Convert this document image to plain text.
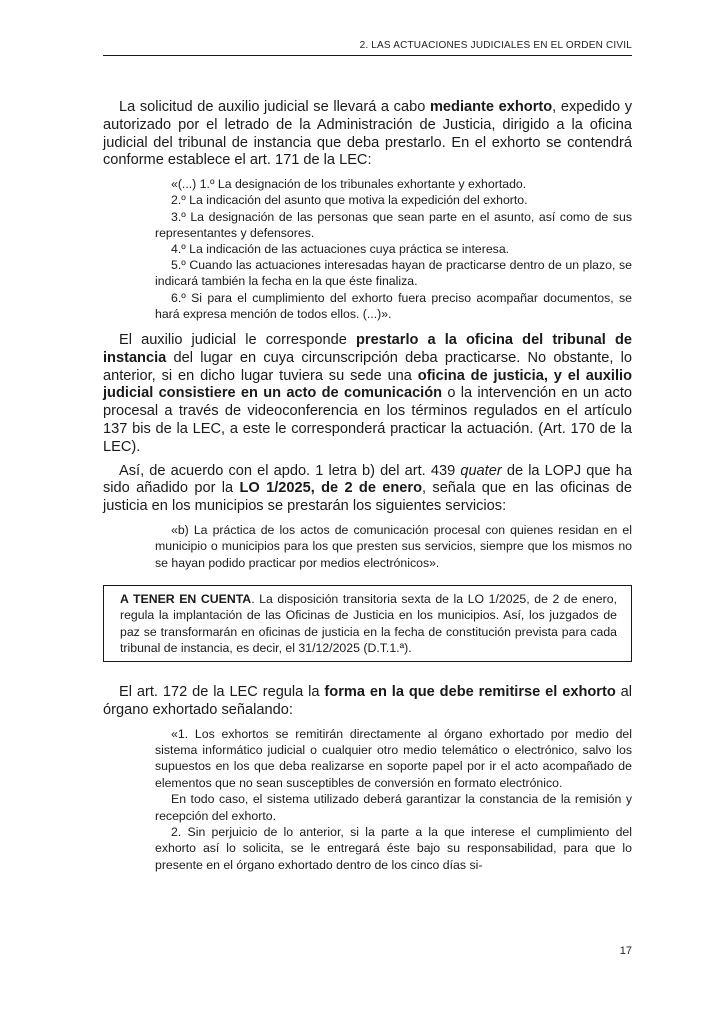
2. LAS ACTUACIONES JUDICIALES EN EL ORDEN CIVIL

La solicitud de auxilio judicial se llevará a cabo mediante exhorto, expedido y autorizado por el letrado de la Administración de Justicia, dirigido a la oficina judicial del tribunal de instancia que deba prestarlo. En el exhorto se contendrá conforme establece el art. 171 de la LEC:

«(...) 1.º La designación de los tribunales exhortante y exhortado.

2.º La indicación del asunto que motiva la expedición del exhorto.

3.º La designación de las personas que sean parte en el asunto, así como de sus representantes y defensores.

4.º La indicación de las actuaciones cuya práctica se interesa.

5.º Cuando las actuaciones interesadas hayan de practicarse dentro de un plazo, se indicará también la fecha en la que éste finaliza.

6.º Si para el cumplimiento del exhorto fuera preciso acompañar documentos, se hará expresa mención de todos ellos. (...)».

El auxilio judicial le corresponde prestarlo a la oficina del tribunal de instancia del lugar en cuya circunscripción deba practicarse. No obstante, lo anterior, si en dicho lugar tuviera su sede una oficina de justicia, y el auxilio judicial consistiere en un acto de comunicación o la intervención en un acto procesal a través de videoconferencia en los términos regulados en el artículo 137 bis de la LEC, a este le corresponderá practicar la actuación. (Art. 170 de la LEC).

Así, de acuerdo con el apdo. 1 letra b) del art. 439 quater de la LOPJ que ha sido añadido por la LO 1/2025, de 2 de enero, señala que en las oficinas de justicia en los municipios se prestarán los siguientes servicios:

«b) La práctica de los actos de comunicación procesal con quienes residan en el municipio o municipios para los que presten sus servicios, siempre que los mismos no se hayan podido practicar por medios electrónicos».

A TENER EN CUENTA. La disposición transitoria sexta de la LO 1/2025, de 2 de enero, regula la implantación de las Oficinas de Justicia en los municipios. Así, los juzgados de paz se transformarán en oficinas de justicia en la fecha de constitución prevista para cada tribunal de instancia, es decir, el 31/12/2025 (D.T.1.ª).

El art. 172 de la LEC regula la forma en la que debe remitirse el exhorto al órgano exhortado señalando:

«1. Los exhortos se remitirán directamente al órgano exhortado por medio del sistema informático judicial o cualquier otro medio telemático o electrónico, salvo los supuestos en los que deba realizarse en soporte papel por ir el acto acompañado de elementos que no sean susceptibles de conversión en formato electrónico.

En todo caso, el sistema utilizado deberá garantizar la constancia de la remisión y recepción del exhorto.

2. Sin perjuicio de lo anterior, si la parte a la que interese el cumplimiento del exhorto así lo solicita, se le entregará éste bajo su responsabilidad, para que lo presente en el órgano exhortado dentro de los cinco días si-

17
